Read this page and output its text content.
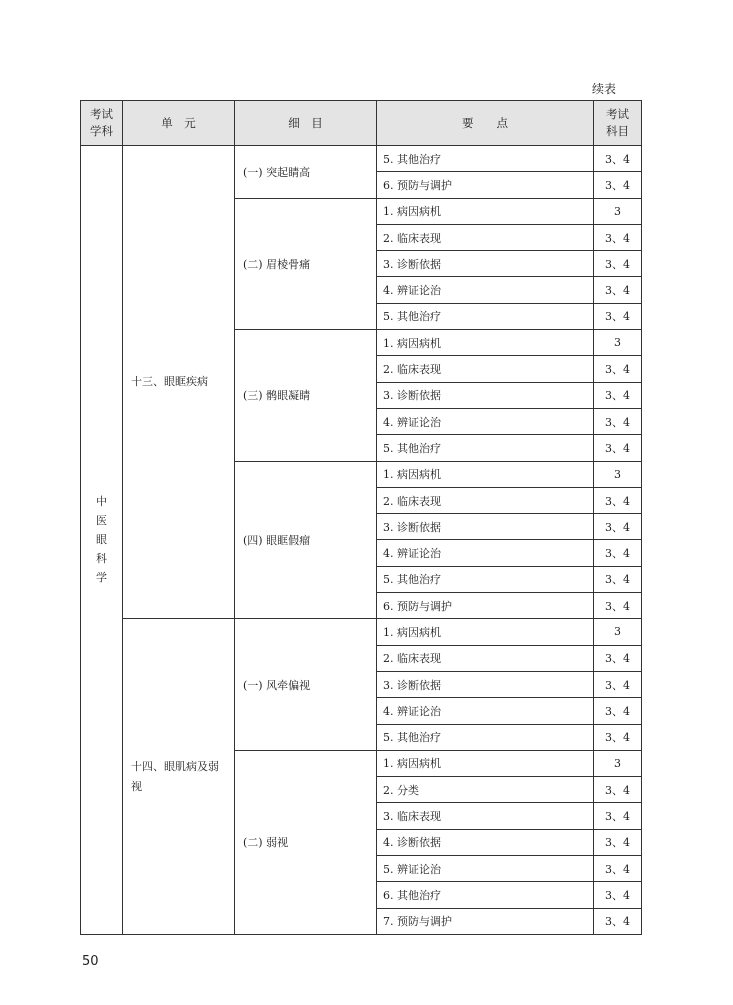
续表
考试学科	单　元	细　目	要　　点	考试科目

中医眼科学	十三、眼眶疾病	(一) 突起睛高	5. 其他治疗	3、4
			6. 预防与调护	3、4
		(二) 眉棱骨痛	1. 病因病机	3
			2. 临床表现	3、4
			3. 诊断依据	3、4
			4. 辨证论治	3、4
			5. 其他治疗	3、4
		(三) 鹘眼凝睛	1. 病因病机	3
			2. 临床表现	3、4
			3. 诊断依据	3、4
			4. 辨证论治	3、4
			5. 其他治疗	3、4
		(四) 眼眶假瘤	1. 病因病机	3
			2. 临床表现	3、4
			3. 诊断依据	3、4
			4. 辨证论治	3、4
			5. 其他治疗	3、4
			6. 预防与调护	3、4
	十四、眼肌病及弱视	(一) 风牵偏视	1. 病因病机	3
			2. 临床表现	3、4
			3. 诊断依据	3、4
			4. 辨证论治	3、4
			5. 其他治疗	3、4
		(二) 弱视	1. 病因病机	3
			2. 分类	3、4
			3. 临床表现	3、4
			4. 诊断依据	3、4
			5. 辨证论治	3、4
			6. 其他治疗	3、4
			7. 预防与调护	3、4
50
